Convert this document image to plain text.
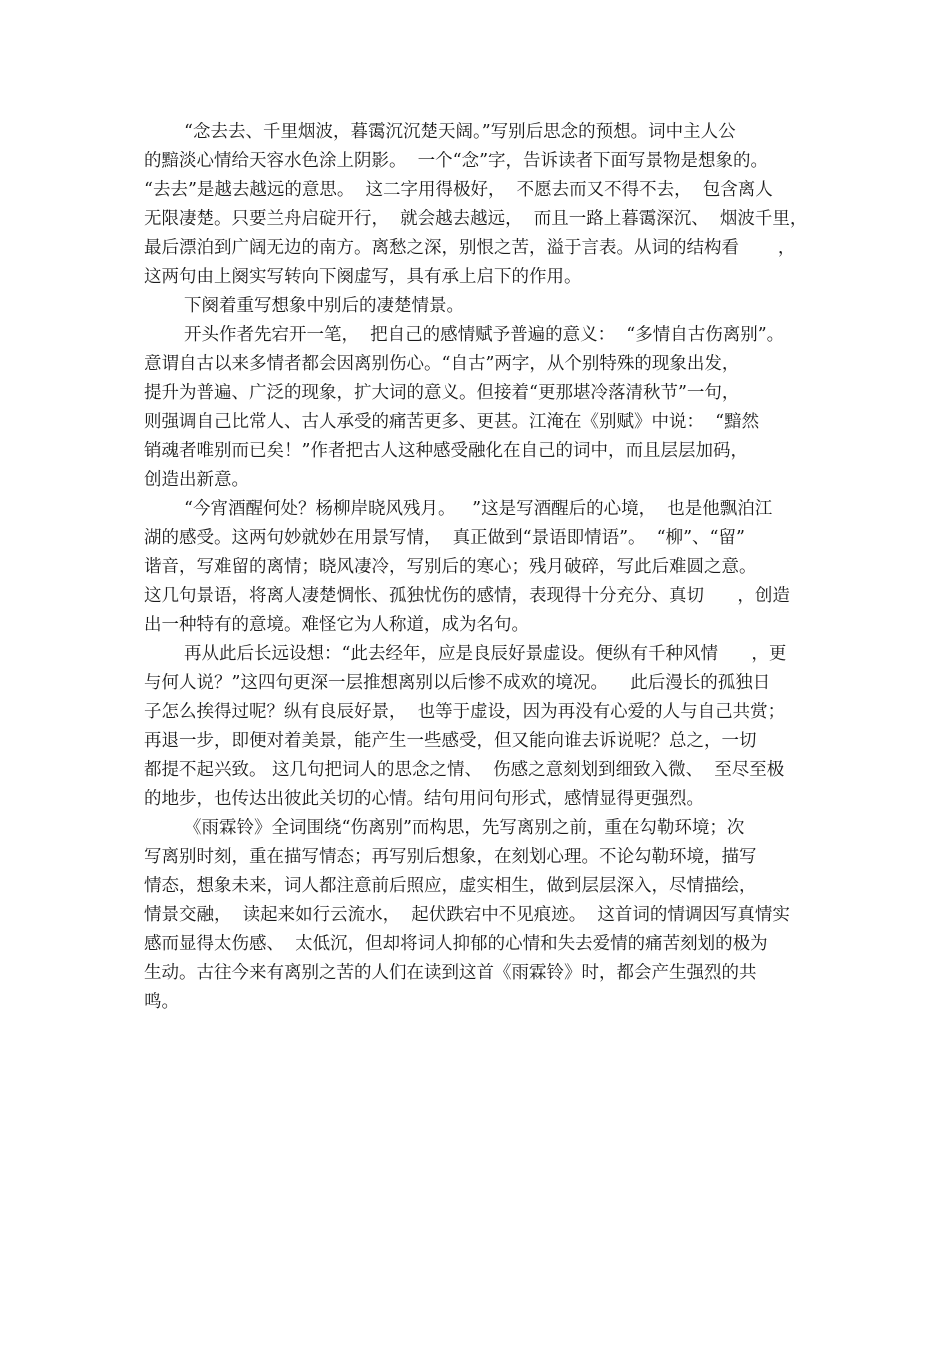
“念去去、千里烟波，暮霭沉沉楚天阔。”写别后思念的预想。词中主人公
的黯淡心情给天容水色涂上阴影。  一个“念”字，告诉读者下面写景物是想象的。
“去去”是越去越远的意思。  这二字用得极好，  不愿去而又不得不去，  包含离人
无限凄楚。只要兰舟启碇开行，  就会越去越远，  而且一路上暮霭深沉、  烟波千里，
最后漂泊到广阔无边的南方。离愁之深，别恨之苦，溢于言表。从词的结构看       ，
这两句由上阕实写转向下阕虚写，具有承上启下的作用。
下阕着重写想象中别后的凄楚情景。
开头作者先宕开一笔，  把自己的感情赋予普遍的意义：  “多情自古伤离别”。
意谓自古以来多情者都会因离别伤心。“自古”两字，从个别特殊的现象出发，
提升为普遍、广泛的现象，扩大词的意义。但接着“更那堪冷落清秋节”一句，
则强调自己比常人、古人承受的痛苦更多、更甚。江淹在《别赋》中说：  “黯然
销魂者唯别而已矣！”作者把古人这种感受融化在自己的词中，而且层层加码，
创造出新意。
“今宵酒醒何处？杨柳岸晓风残月。   ”这是写酒醒后的心境，  也是他飘泊江
湖的感受。这两句妙就妙在用景写情，  真正做到“景语即情语”。  “柳”、“留”
谐音，写难留的离情；晓风凄冷，写别后的寒心；残月破碎，写此后难圆之意。
这几句景语，将离人凄楚惆怅、孤独忧伤的感情，表现得十分充分、真切      ，创造
出一种特有的意境。难怪它为人称道，成为名句。
再从此后长远设想：“此去经年，应是良辰好景虚设。便纵有千种风情      ，更
与何人说？”这四句更深一层推想离别以后惨不成欢的境况。    此后漫长的孤独日
子怎么挨得过呢？纵有良辰好景，  也等于虚设，因为再没有心爱的人与自己共赏；
再退一步，即便对着美景，能产生一些感受，但又能向谁去诉说呢？总之，一切
都提不起兴致。 这几句把词人的思念之情、  伤感之意刻划到细致入微、  至尽至极
的地步，也传达出彼此关切的心情。结句用问句形式，感情显得更强烈。
《雨霖铃》全词围绕“伤离别”而构思，先写离别之前，重在勾勒环境；次
写离别时刻，重在描写情态；再写别后想象，在刻划心理。不论勾勒环境，描写
情态，想象未来，词人都注意前后照应，虚实相生，做到层层深入，尽情描绘，
情景交融，  读起来如行云流水，  起伏跌宕中不见痕迹。  这首词的情调因写真情实
感而显得太伤感、  太低沉，但却将词人抑郁的心情和失去爱情的痛苦刻划的极为
生动。古往今来有离别之苦的人们在读到这首《雨霖铃》时，都会产生强烈的共
鸣。
